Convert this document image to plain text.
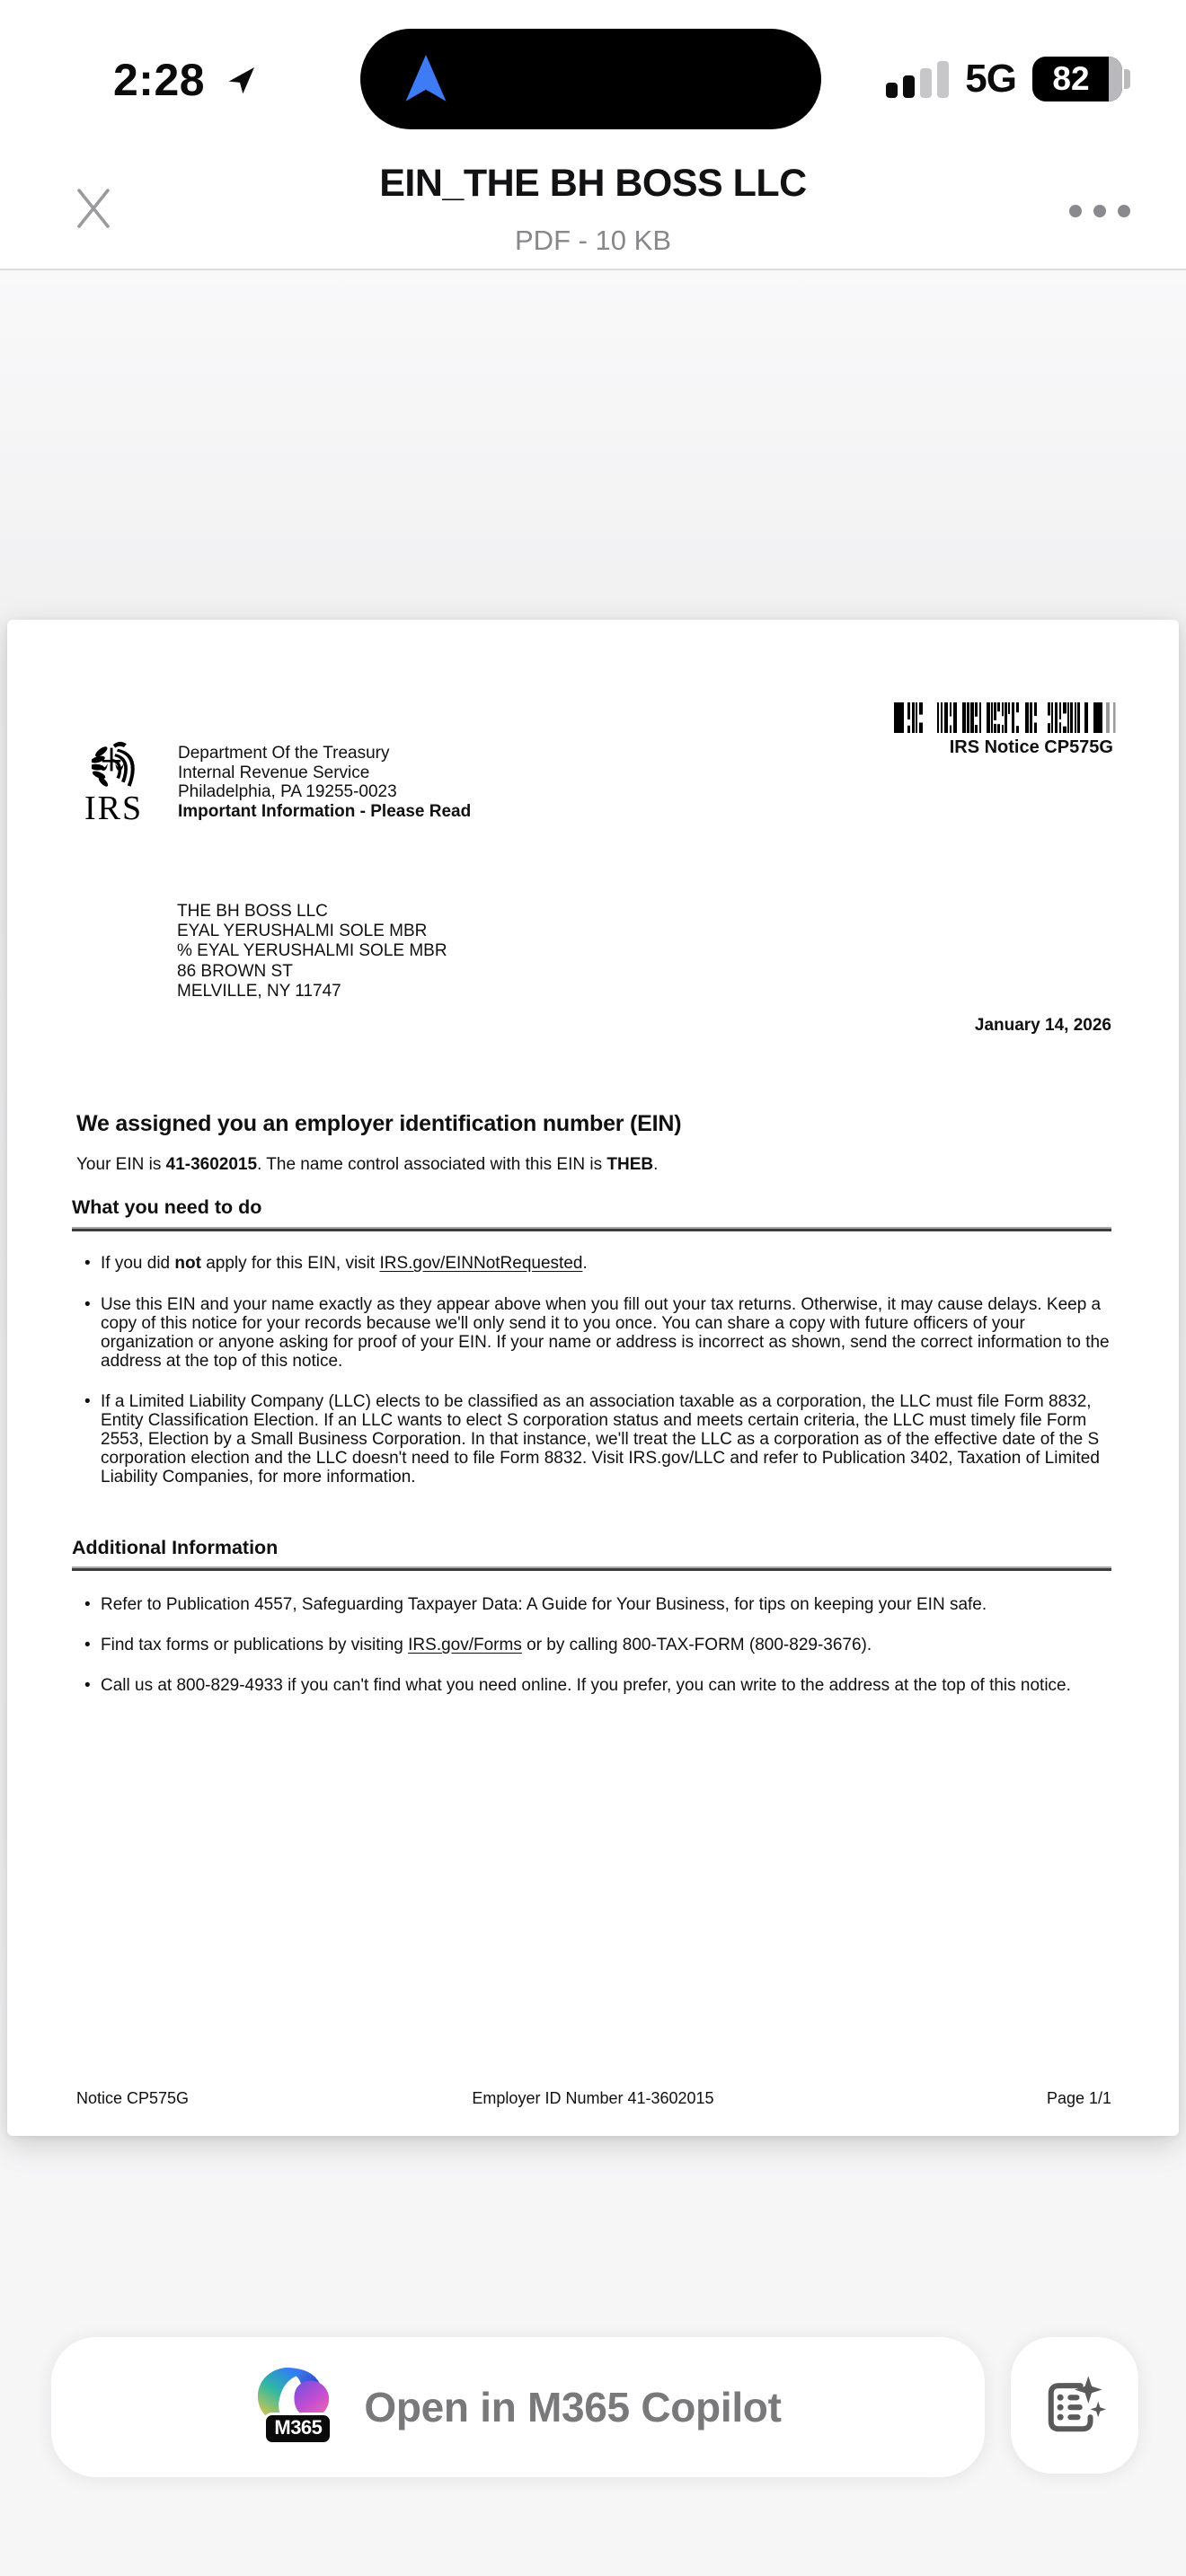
2:28	5G	82
EIN_THE BH BOSS LLC
PDF - 10 KB
IRS Notice CP575G
IRS
Department Of the Treasury
Internal Revenue Service
Philadelphia, PA 19255-0023
Important Information - Please Read
THE BH BOSS LLC
EYAL YERUSHALMI SOLE MBR
% EYAL YERUSHALMI SOLE MBR
86 BROWN ST
MELVILLE, NY 11747
January 14, 2026
We assigned you an employer identification number (EIN)
Your EIN is 41-3602015. The name control associated with this EIN is THEB.
What you need to do
• If you did not apply for this EIN, visit IRS.gov/EINNotRequested.
• Use this EIN and your name exactly as they appear above when you fill out your tax returns. Otherwise, it may cause delays. Keep a copy of this notice for your records because we'll only send it to you once. You can share a copy with future officers of your organization or anyone asking for proof of your EIN. If your name or address is incorrect as shown, send the correct information to the address at the top of this notice.
• If a Limited Liability Company (LLC) elects to be classified as an association taxable as a corporation, the LLC must file Form 8832, Entity Classification Election. If an LLC wants to elect S corporation status and meets certain criteria, the LLC must timely file Form 2553, Election by a Small Business Corporation. In that instance, we'll treat the LLC as a corporation as of the effective date of the S corporation election and the LLC doesn't need to file Form 8832. Visit IRS.gov/LLC and refer to Publication 3402, Taxation of Limited Liability Companies, for more information.
Additional Information
• Refer to Publication 4557, Safeguarding Taxpayer Data: A Guide for Your Business, for tips on keeping your EIN safe.
• Find tax forms or publications by visiting IRS.gov/Forms or by calling 800-TAX-FORM (800-829-3676).
• Call us at 800-829-4933 if you can't find what you need online. If you prefer, you can write to the address at the top of this notice.
Notice CP575G	Employer ID Number 41-3602015	Page 1/1
M365 Open in M365 Copilot
